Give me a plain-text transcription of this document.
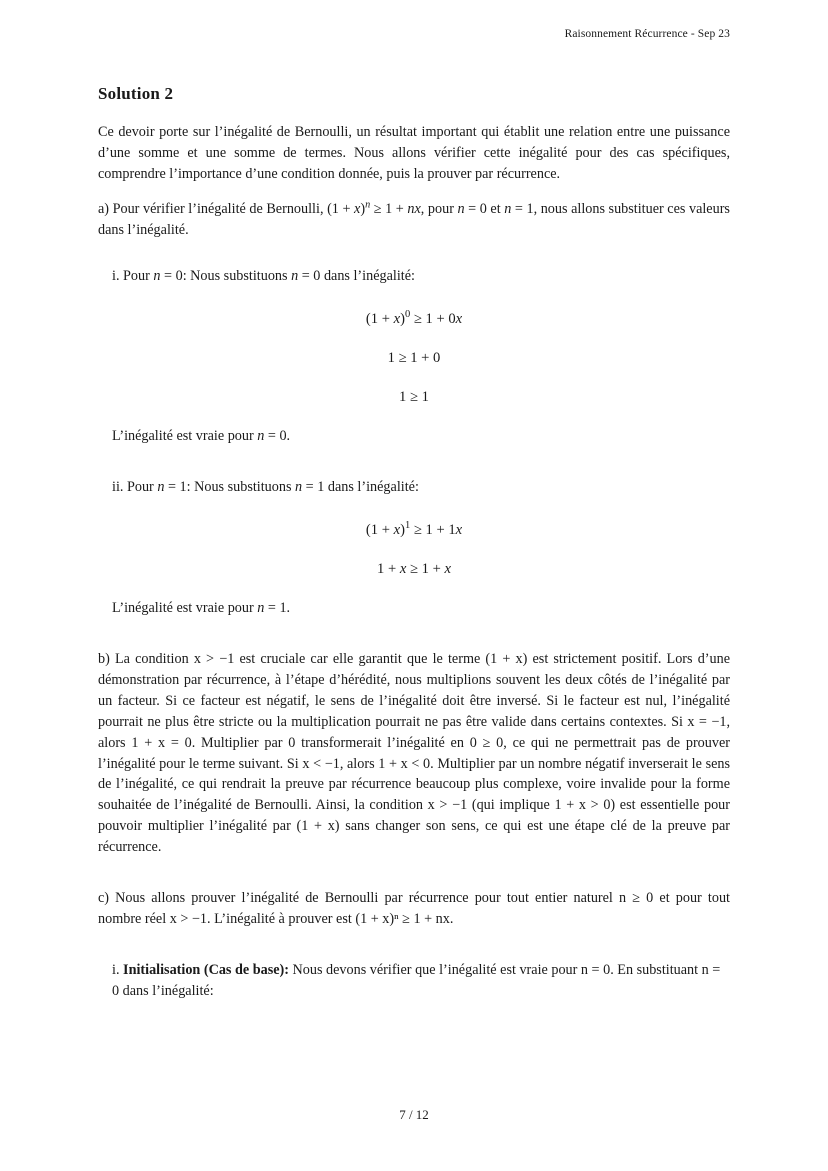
Raisonnement Récurrence - Sep 23
Solution 2

Ce devoir porte sur l’inégalité de Bernoulli, un résultat important qui établit une relation entre une puissance d’une somme et une somme de termes. Nous allons vérifier cette inégalité pour des cas spécifiques, comprendre l’importance d’une condition donnée, puis la prouver par récurrence.

a) Pour vérifier l’inégalité de Bernoulli, $(1 + x)^n \ge 1$ + nx, pour n = 0 et n = 1, nous allons substituer ces valeurs dans l’inégalité.

i. Pour n = 0: Nous substituons n = 0 dans l’inégalité:
$(1 + x)^0 \ge 1 + 0x$
1 ≥ 1 + 0
1 ≥ 1
L’inégalité est vraie pour n = 0.
ii. Pour n = 1: Nous substituons n = 1 dans l’inégalité:
$(1 + x)^1 \ge 1 + 1x$
1 + x ≥ 1 + x
L’inégalité est vraie pour n = 1.

b) La condition x > −1 est cruciale car elle garantit que le terme (1 + x) est strictement positif. Lors d’une démonstration par récurrence, à l’étape d’hérédité, nous multiplions souvent les deux côtés de l’inégalité par un facteur. Si ce facteur est négatif, le sens de l’inégalité doit être inversé. Si le facteur est nul, l’inégalité pourrait ne plus être stricte ou la multiplication pourrait ne pas être valide dans certains contextes. Si x = −1, alors 1 + x = 0. Multiplier par 0 transformerait l’inégalité en 0 ≥ 0, ce qui ne permettrait pas de prouver l’inégalité pour le terme suivant. Si x < −1, alors 1 + x < 0. Multiplier par un nombre négatif inverserait le sens de l’inégalité, ce qui rendrait la preuve par récurrence beaucoup plus complexe, voire invalide pour la forme souhaitée de l’inégalité de Bernoulli. Ainsi, la condition x > −1 (qui implique 1 + x > 0) est essentielle pour pouvoir multiplier l’inégalité par (1 + x) sans changer son sens, ce qui est une étape clé de la preuve par récurrence.

c) Nous allons prouver l’inégalité de Bernoulli par récurrence pour tout entier naturel n ≥ 0 et pour tout nombre réel x > −1. L’inégalité à prouver est (1 + x)ⁿ ≥ 1 + nx.

i. Initialisation (Cas de base): Nous devons vérifier que l’inégalité est vraie pour n = 0. En substituant n = 0 dans l’inégalité:
7 / 12
